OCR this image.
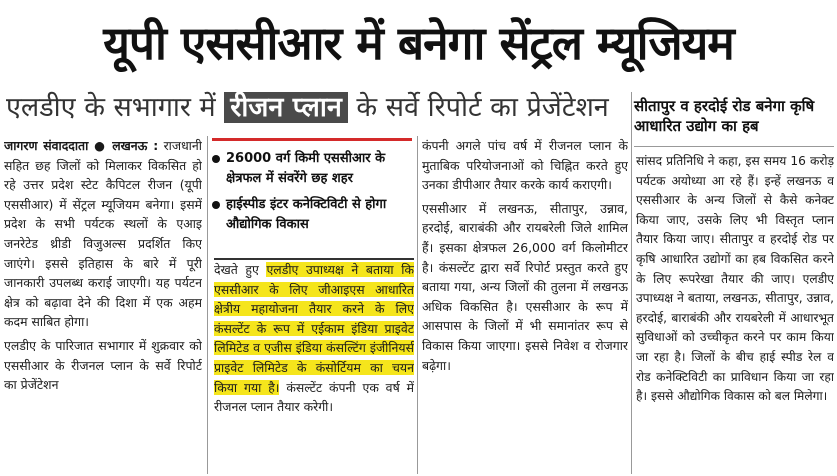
यूपी एससीआर में बनेगा सेंट्रल म्यूजियम
एलडीए के सभागार में रीजन प्लान के सर्वे रिपोर्ट का प्रेजेंटेशन	सीतापुर व हरदोई रोड बनेगा कृषि आधारित उद्योग का हब

जागरण संवाददाता ● लखनऊ : राजधानी सहित छह जिलों को मिलाकर विकसित हो रहे उत्तर प्रदेश स्टेट कैपिटल रीजन (यूपी एससीआर) में सेंट्रल म्यूजियम बनेगा। इसमें प्रदेश के सभी पर्यटक स्थलों के एआइ जनरेटेड थ्रीडी विजुअल्स प्रदर्शित किए जाएंगे। इससे इतिहास के बारे में पूरी जानकारी उपलब्ध कराई जाएगी। यह पर्यटन क्षेत्र को बढ़ावा देने की दिशा में एक अहम कदम साबित होगा।

एलडीए के पारिजात सभागार में शुक्रवार को एससीआर के रीजनल प्लान के सर्वे रिपोर्ट का प्रेजेंटेशन

26000 वर्ग किमी एससीआर के क्षेत्रफल में संवरेंगे छह शहर
हाईस्पीड इंटर कनेक्टिविटी से होगा औद्योगिक विकास
देखते हुए एलडीए उपाध्यक्ष ने बताया कि एससीआर के लिए जीआइएस आधारित क्षेत्रीय महायोजना तैयार करने के लिए कंसल्टेंट के रूप में एईकाम इंडिया प्राइवेट लिमिटेड व एजीस इंडिया कंसल्टिंग इंजीनियर्स प्राइवेट लिमिटेड के कंसोर्टियम का चयन किया गया है। कंसल्टेंट कंपनी एक वर्ष में रीजनल प्लान तैयार करेगी।

कंपनी अगले पांच वर्ष में रीजनल प्लान के मुताबिक परियोजनाओं को चिह्नित करते हुए उनका डीपीआर तैयार करके कार्य कराएगी।

एससीआर में लखनऊ, सीतापुर, उन्नाव, हरदोई, बाराबंकी और रायबरेली जिले शामिल हैं। इसका क्षेत्रफल 26,000 वर्ग किलोमीटर है। कंसल्टेंट द्वारा सर्वे रिपोर्ट प्रस्तुत करते हुए बताया गया, अन्य जिलों की तुलना में लखनऊ अधिक विकसित है। एससीआर के रूप में आसपास के जिलों में भी समानांतर रूप से विकास किया जाएगा। इससे निवेश व रोजगार बढ़ेगा।

सांसद प्रतिनिधि ने कहा, इस समय 16 करोड़ पर्यटक अयोध्या आ रहे हैं। इन्हें लखनऊ व एससीआर के अन्य जिलों से कैसे कनेक्ट किया जाए, उसके लिए भी विस्तृत प्लान तैयार किया जाए। सीतापुर व हरदोई रोड पर कृषि आधारित उद्योगों का हब विकसित करने के लिए रूपरेखा तैयार की जाए। एलडीए उपाध्यक्ष ने बताया, लखनऊ, सीतापुर, उन्नाव, हरदोई, बाराबंकी और रायबरेली में आधारभूत सुविधाओं को उच्चीकृत करने पर काम किया जा रहा है। जिलों के बीच हाई स्पीड रेल व रोड कनेक्टिविटी का प्राविधान किया जा रहा है। इससे औद्योगिक विकास को बल मिलेगा।
